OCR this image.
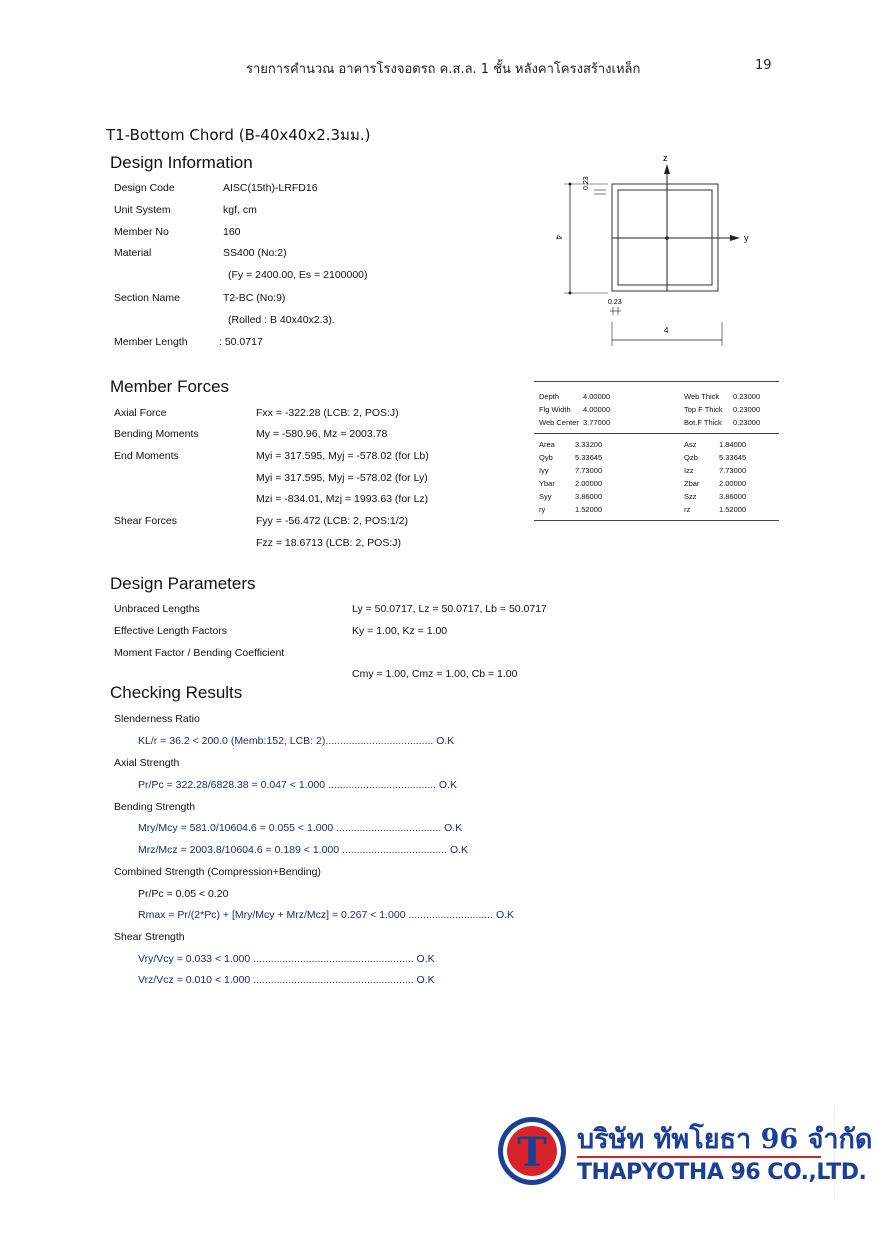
รายการคำนวณ อาคารโรงจอดรถ ค.ส.ล. 1 ชั้น หลังคาโครงสร้างเหล็ก	19
T1-Bottom Chord (B-40x40x2.3มม.)
Design Information
Design Code	AISC(15th)-LRFD16
Unit System	kgf, cm
Member No	160
Material	SS400 (No:2)
(Fy = 2400.00, Es = 2100000)
Section Name	T2-BC (No:9)
(Rolled : B 40x40x2.3).
Member Length	: 50.0717
z
y
4
0.23
0.23
4
Member Forces
Axial Force	Fxx = -322.28 (LCB: 2, POS:J)
Bending Moments	My = -580.96, Mz = 2003.78
End Moments	Myi = 317.595, Myj = -578.02 (for Lb)
Myi = 317.595, Myj = -578.02 (for Ly)
Mzi = -834.01, Mzj = 1993.63 (for Lz)
Shear Forces	Fyy = -56.472 (LCB: 2, POS:1/2)
Fzz = 18.6713 (LCB: 2, POS:J)
Depth	4.00000	Web Thick 0.23000
Flg Width 4.00000	Top F Thick 0.23000
Web Center 3.77000	Bot.F Thick 0.23000
Area	3.33200	Asz	1.84000
Qyb	5.33645	Qzb	5.33645
Iyy	7.73000	Izz	7.73000
Ybar	2.00000	Zbar	2.00000
Syy	3.86000	Szz	3.86000
ry	1.52000	rz	1.52000
Design Parameters
Unbraced Lengths	Ly = 50.0717, Lz = 50.0717, Lb = 50.0717
Effective Length Factors	Ky = 1.00, Kz = 1.00
Moment Factor / Bending Coefficient
Cmy = 1.00, Cmz = 1.00, Cb = 1.00
Checking Results
Slenderness Ratio
KL/r = 36.2 < 200.0 (Memb:152, LCB: 2)..................................... O.K
Axial Strength
Pr/Pc = 322.28/6828.38 = 0.047 < 1.000 ..................................... O.K
Bending Strength
Mry/Mcy = 581.0/10604.6 = 0.055 < 1.000 .................................... O.K
Mrz/Mcz = 2003.8/10604.6 = 0.189 < 1.000 .................................... O.K
Combined Strength (Compression+Bending)
Pr/Pc = 0.05 < 0.20
Rmax = Pr/(2*Pc) + [Mry/Mcy + Mrz/Mcz] = 0.267 < 1.000 ............................. O.K
Shear Strength
Vry/Vcy = 0.033 < 1.000 ....................................................... O.K
Vrz/Vcz = 0.010 < 1.000 ....................................................... O.K
T บริษัท ทัพโยธา 96 จำกัด
THAPYOTHA 96 CO.,LTD.
